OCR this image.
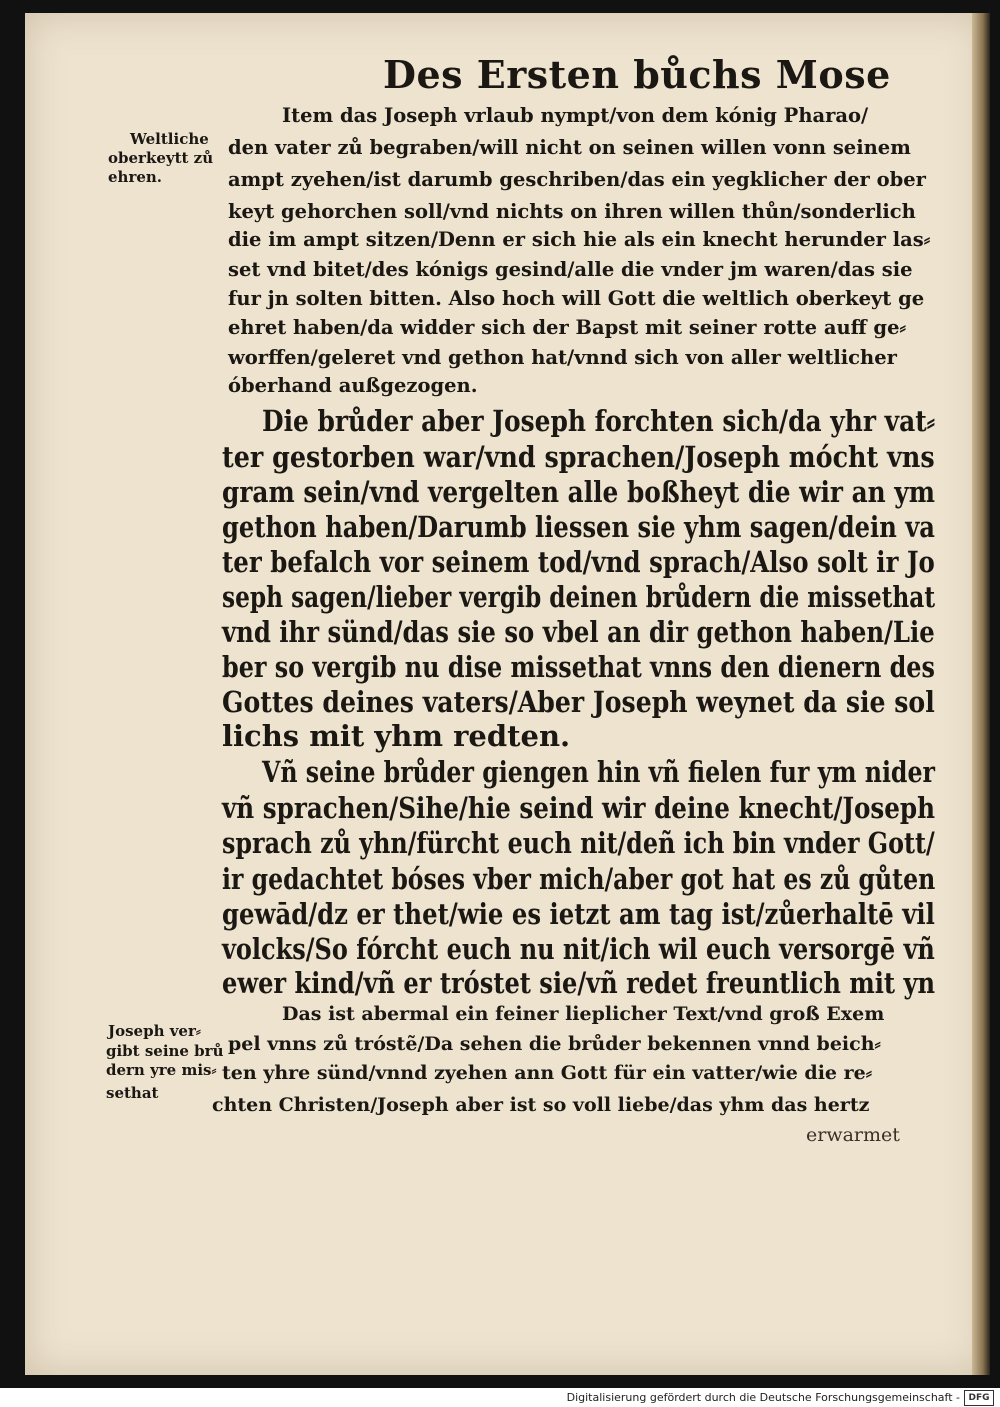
Des Ersten bůchs Mose
Weltliche
oberkeytt zů
ehren.
Item das Joseph vrlaub nympt/von dem kónig Pharao/
den vater zů begraben/will nicht on seinen willen vonn seinem
ampt zyehen/ist darumb geschriben/das ein yegklicher der ober
keyt gehorchen soll/vnd nichts on ihren willen thůn/sonderlich
die im ampt sitzen/Denn er sich hie als ein knecht herunder las⸗
set vnd bitet/des kónigs gesind/alle die vnder jm waren/das sie
fur jn solten bitten. Also hoch will Gott die weltlich oberkeyt ge
ehret haben/da widder sich der Bapst mit seiner rotte auff ge⸗
worffen/geleret vnd gethon hat/vnnd sich von aller weltlicher
óberhand außgezogen.
Die brůder aber Joseph forchten sich/da yhr vat⸗
ter gestorben war/vnd sprachen/Joseph mócht vns
gram sein/vnd vergelten alle boßheyt die wir an ym
gethon haben/Darumb liessen sie yhm sagen/dein va
ter befalch vor seinem tod/vnd sprach/Also solt ir Jo
seph sagen/lieber vergib deinen brůdern die missethat
vnd ihr sünd/das sie so vbel an dir gethon haben/Lie
ber so vergib nu dise missethat vnns den dienern des
Gottes deines vaters/Aber Joseph weynet da sie sol
lichs mit yhm redten.
Vñ seine brůder giengen hin vñ fielen fur ym nider
vñ sprachen/Sihe/hie seind wir deine knecht/Joseph
sprach zů yhn/fürcht euch nit/deñ ich bin vnder Gott/
ir gedachtet bóses vber mich/aber got hat es zů gůten
gewād/dz er thet/wie es ietzt am tag ist/zůerhaltē vil
volcks/So fórcht euch nu nit/ich wil euch versorgē vñ
ewer kind/vñ er tróstet sie/vñ redet freuntlich mit yn
Joseph ver⸗
gibt seine brů
dern yre mis⸗
sethat
Das ist abermal ein feiner lieplicher Text/vnd groß Exem
pel vnns zů tróstẽ/Da sehen die brůder bekennen vnnd beich⸗
ten yhre sünd/vnnd zyehen ann Gott für ein vatter/wie die re⸗
chten Christen/Joseph aber ist so voll liebe/das yhm das hertz
erwarmet
Digitalisierung gefördert durch die Deutsche Forschungsgemeinschaft - DFG
